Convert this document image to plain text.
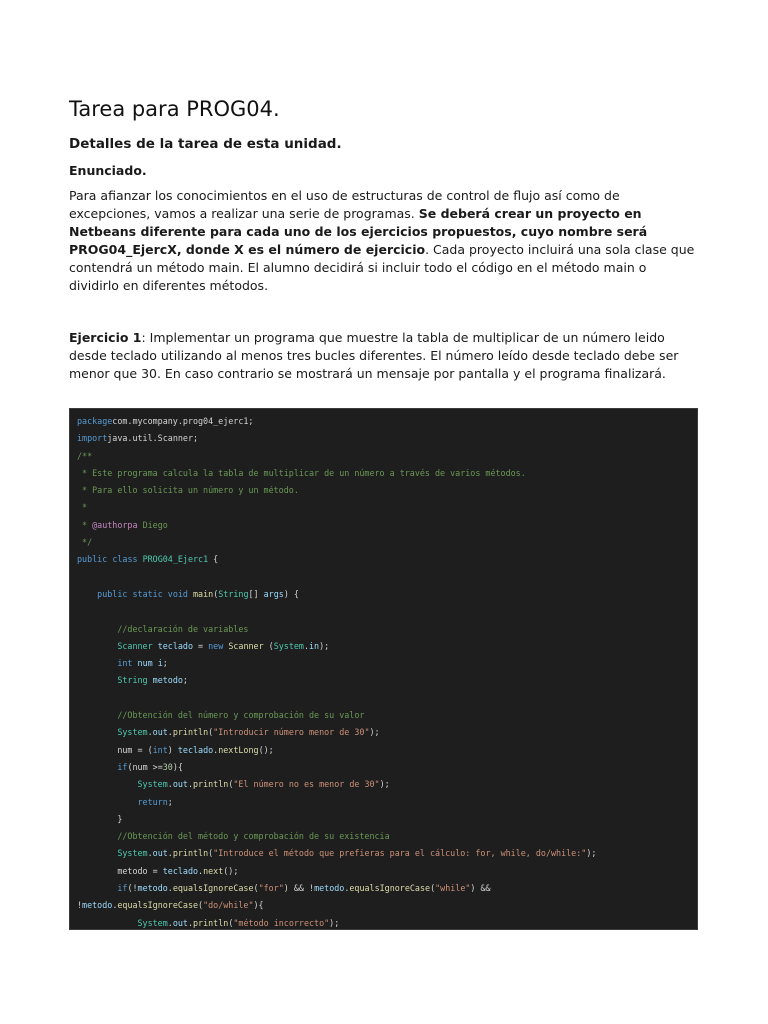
Tarea para PROG04.
Detalles de la tarea de esta unidad.
Enunciado.

Para afianzar los conocimientos en el uso de estructuras de control de flujo así como de excepciones, vamos a realizar una serie de programas. Se deberá crear un proyecto en Netbeans diferente para cada uno de los ejercicios propuestos, cuyo nombre será PROG04_EjercX, donde X es el número de ejercicio. Cada proyecto incluirá una sola clase que contendrá un método main. El alumno decidirá si incluir todo el código en el método main o dividirlo en diferentes métodos.

Ejercicio 1: Implementar un programa que muestre la tabla de multiplicar de un número leido desde teclado utilizando al menos tres bucles diferentes. El número leído desde teclado debe ser menor que 30. En caso contrario se mostrará un mensaje por pantalla y el programa finalizará.

packagecom.mycompany.prog04_ejerc1;
importjava.util.Scanner;
/**
* Este programa calcula la tabla de multiplicar de un número a través de varios métodos.
* Para ello solicita un número y un método.
*
* @authorpa Diego
*/
public class PROG04_Ejerc1 {
public static void main(String[] args) {
//declaración de variables
Scanner teclado = new Scanner (System.in);
int num i;
String metodo;
//Obtención del número y comprobación de su valor
System.out.println("Introducir número menor de 30");
num = (int) teclado.nextLong();
if(num >=30){
System.out.println("El número no es menor de 30");
return;
}
//Obtención del método y comprobación de su existencia
System.out.println("Introduce el método que prefieras para el cálculo: for, while, do/while:");
metodo = teclado.next();
if(!metodo.equalsIgnoreCase("for") && !metodo.equalsIgnoreCase("while") &&
!metodo.equalsIgnoreCase("do/while"){
System.out.println("método incorrecto");
